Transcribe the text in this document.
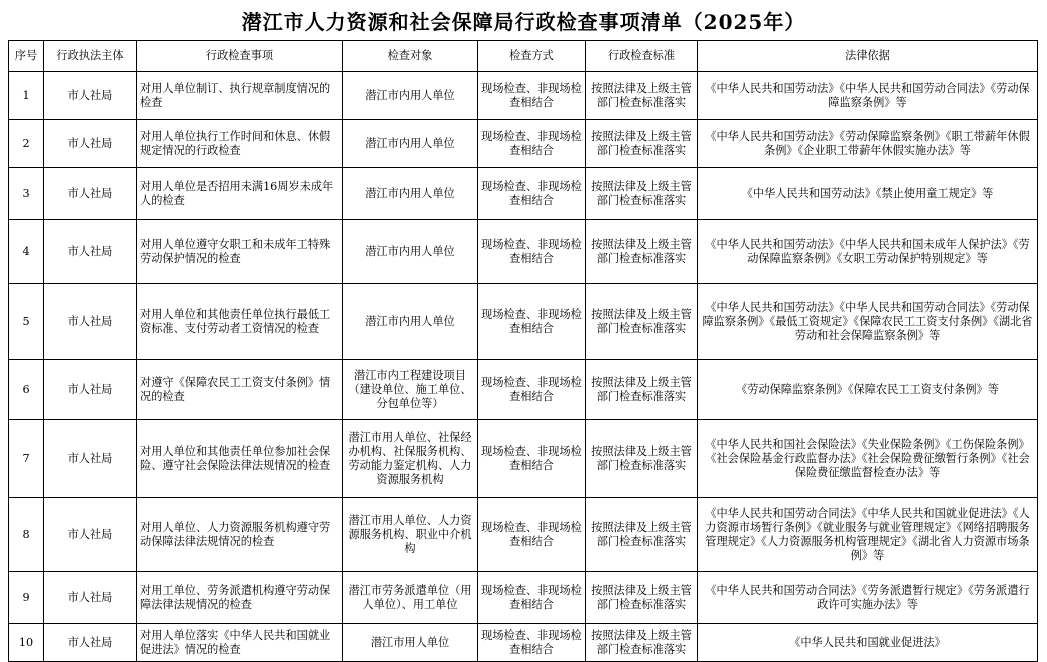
潜江市人力资源和社会保障局行政检查事项清单（2025年）
序号	行政执法主体	行政检查事项	检查对象	检查方式	行政检查标准	法律依据
1	市人社局	对用人单位制订、执行规章制度情况的检查	潜江市内用人单位	现场检查、非现场检查相结合	按照法律及上级主管部门检查标准落实	《中华人民共和国劳动法》《中华人民共和国劳动合同法》《劳动保障监察条例》等
2	市人社局	对用人单位执行工作时间和休息、休假规定情况的行政检查	潜江市内用人单位	现场检查、非现场检查相结合	按照法律及上级主管部门检查标准落实	《中华人民共和国劳动法》《劳动保障监察条例》《职工带薪年休假条例》《企业职工带薪年休假实施办法》等
3	市人社局	对用人单位是否招用未满16周岁未成年人的检查	潜江市内用人单位	现场检查、非现场检查相结合	按照法律及上级主管部门检查标准落实	《中华人民共和国劳动法》《禁止使用童工规定》等
4	市人社局	对用人单位遵守女职工和未成年工特殊劳动保护情况的检查	潜江市内用人单位	现场检查、非现场检查相结合	按照法律及上级主管部门检查标准落实	《中华人民共和国劳动法》《中华人民共和国未成年人保护法》《劳动保障监察条例》《女职工劳动保护特别规定》等
5	市人社局	对用人单位和其他责任单位执行最低工资标准、支付劳动者工资情况的检查	潜江市内用人单位	现场检查、非现场检查相结合	按照法律及上级主管部门检查标准落实	《中华人民共和国劳动法》《中华人民共和国劳动合同法》《劳动保障监察条例》《最低工资规定》《保障农民工工资支付条例》《湖北省劳动和社会保障监察条例》等
6	市人社局	对遵守《保障农民工工资支付条例》情况的检查	潜江市内工程建设项目（建设单位、施工单位、分包单位等）	现场检查、非现场检查相结合	按照法律及上级主管部门检查标准落实	《劳动保障监察条例》《保障农民工工资支付条例》等
7	市人社局	对用人单位和其他责任单位参加社会保险、遵守社会保险法律法规情况的检查	潜江市用人单位、社保经办机构、社保服务机构、劳动能力鉴定机构、人力资源服务机构	现场检查、非现场检查相结合	按照法律及上级主管部门检查标准落实	《中华人民共和国社会保险法》《失业保险条例》《工伤保险条例》《社会保险基金行政监督办法》《社会保险费征缴暂行条例》《社会保险费征缴监督检查办法》等
8	市人社局	对用人单位、人力资源服务机构遵守劳动保障法律法规情况的检查	潜江市用人单位、人力资源服务机构、职业中介机构	现场检查、非现场检查相结合	按照法律及上级主管部门检查标准落实	《中华人民共和国劳动合同法》《中华人民共和国就业促进法》《人力资源市场暂行条例》《就业服务与就业管理规定》《网络招聘服务管理规定》《人力资源服务机构管理规定》《湖北省人力资源市场条例》等
9	市人社局	对用工单位、劳务派遣机构遵守劳动保障法律法规情况的检查	潜江市劳务派遣单位（用人单位）、用工单位	现场检查、非现场检查相结合	按照法律及上级主管部门检查标准落实	《中华人民共和国劳动合同法》《劳务派遣暂行规定》《劳务派遣行政许可实施办法》等
10	市人社局	对用人单位落实《中华人民共和国就业促进法》情况的检查	潜江市用人单位	现场检查、非现场检查相结合	按照法律及上级主管部门检查标准落实	《中华人民共和国就业促进法》
